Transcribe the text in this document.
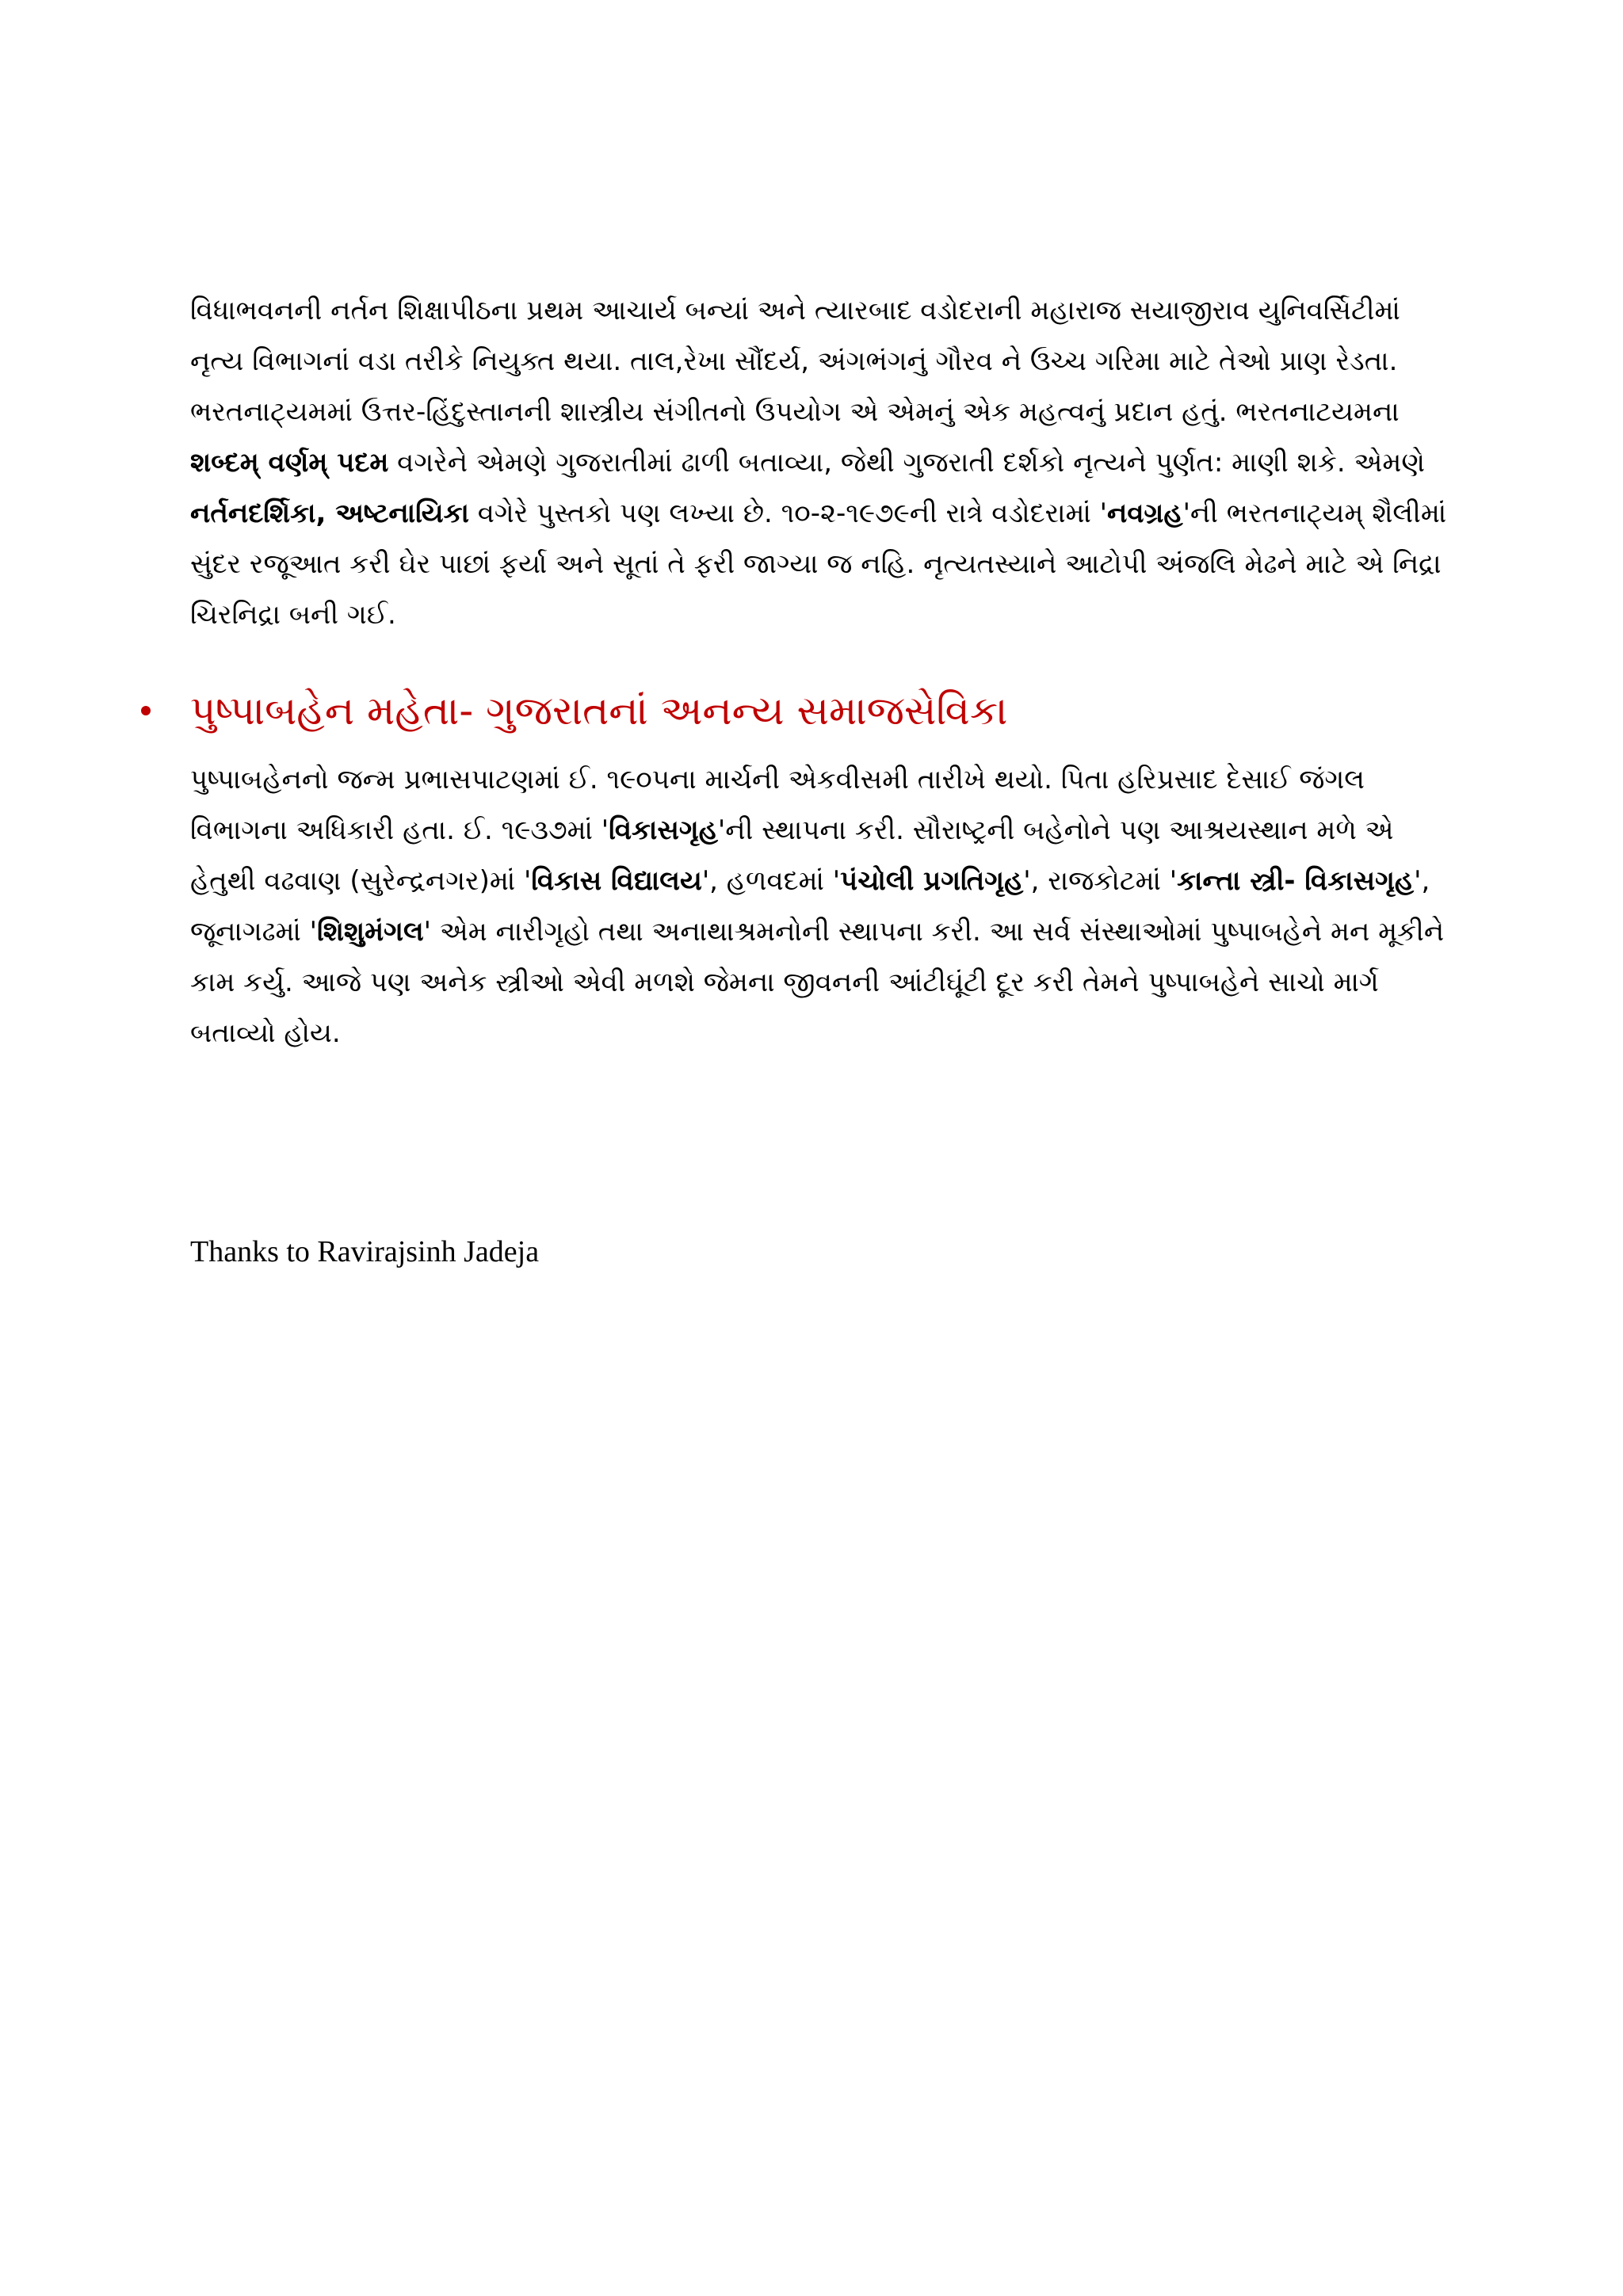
વિધાભવનની નર્તન શિક્ષાપીઠના પ્રથમ આચાર્ય બન્યાં અને ત્યારબાદ વડોદરાની મહારાજ સયાજીરાવ યુનિવર્સિટીમાં નૃત્ય વિભાગનાં વડા તરીકે નિયુક્ત થયા. તાલ,રેખા સૌંદર્ય, અંગભંગનું ગૌરવ ને ઉચ્ચ ગરિમા માટે તેઓ પ્રાણ રેડતા. ભરતનાટ્યમમાં ઉત્તર-હિંદુસ્તાનની શાસ્ત્રીય સંગીતનો ઉપયોગ એ એમનું એક મહત્વનું પ્રદાન હતું. ભરતનાટયમના શબ્દમ્ વર્ણમ્ પદમ વગરેને એમણે ગુજરાતીમાં ઢાળી બતાવ્યા, જેથી ગુજરાતી દર્શકો નૃત્યને પુર્ણત: માણી શકે. એમણે નર્તનદર્શિકા, અષ્ટનાયિકા વગેરે પુસ્તકો પણ લખ્યા છે. ૧૦-૨-૧૯૭૯ની રાત્રે વડોદરામાં 'નવગ્રહ'ની ભરતનાટ્યમ્ શૈલીમાં સુંદર રજૂઆત કરી ઘેર પાછાં ફર્યા અને સૂતાં તે ફરી જાગ્યા જ નહિ. નૃત્યતસ્યાને આટોપી અંજલિ મેઢને માટે એ નિદ્રા ચિરનિદ્રા બની ગઈ.

પુષ્પાબહેન મહેતા- ગુજરાતનાં અનન્ય સમાજસેવિકા

પુષ્પાબહેનનો જન્મ પ્રભાસપાટણમાં ઈ. ૧૯૦૫ના માર્ચની એકવીસમી તારીખે થયો. પિતા હરિપ્રસાદ દેસાઈ જંગલ વિભાગના અધિકારી હતા. ઈ. ૧૯૩૭માં 'વિકાસગૃહ'ની સ્થાપના કરી. સૌરાષ્ટ્રની બહેનોને પણ આશ્રયસ્થાન મળે એ હેતુથી વઢવાણ (સુરેન્દ્રનગર)માં 'વિકાસ વિદ્યાલય', હળવદમાં 'પંચોલી પ્રગતિગૃહ', રાજકોટમાં 'કાન્તા સ્ત્રી- વિકાસગૃહ', જૂનાગઢમાં 'શિશુમંગલ' એમ નારીગૃહો તથા અનાથાશ્રમનોની સ્થાપના કરી. આ સર્વ સંસ્થાઓમાં પુષ્પાબહેને મન મૂકીને કામ કર્યુ. આજે પણ અનેક સ્ત્રીઓ એવી મળશે જેમના જીવનની આંટીઘૂંટી દૂર કરી તેમને પુષ્પાબહેને સાચો માર્ગ બતાવ્યો હોય.

Thanks to Ravirajsinh Jadeja
